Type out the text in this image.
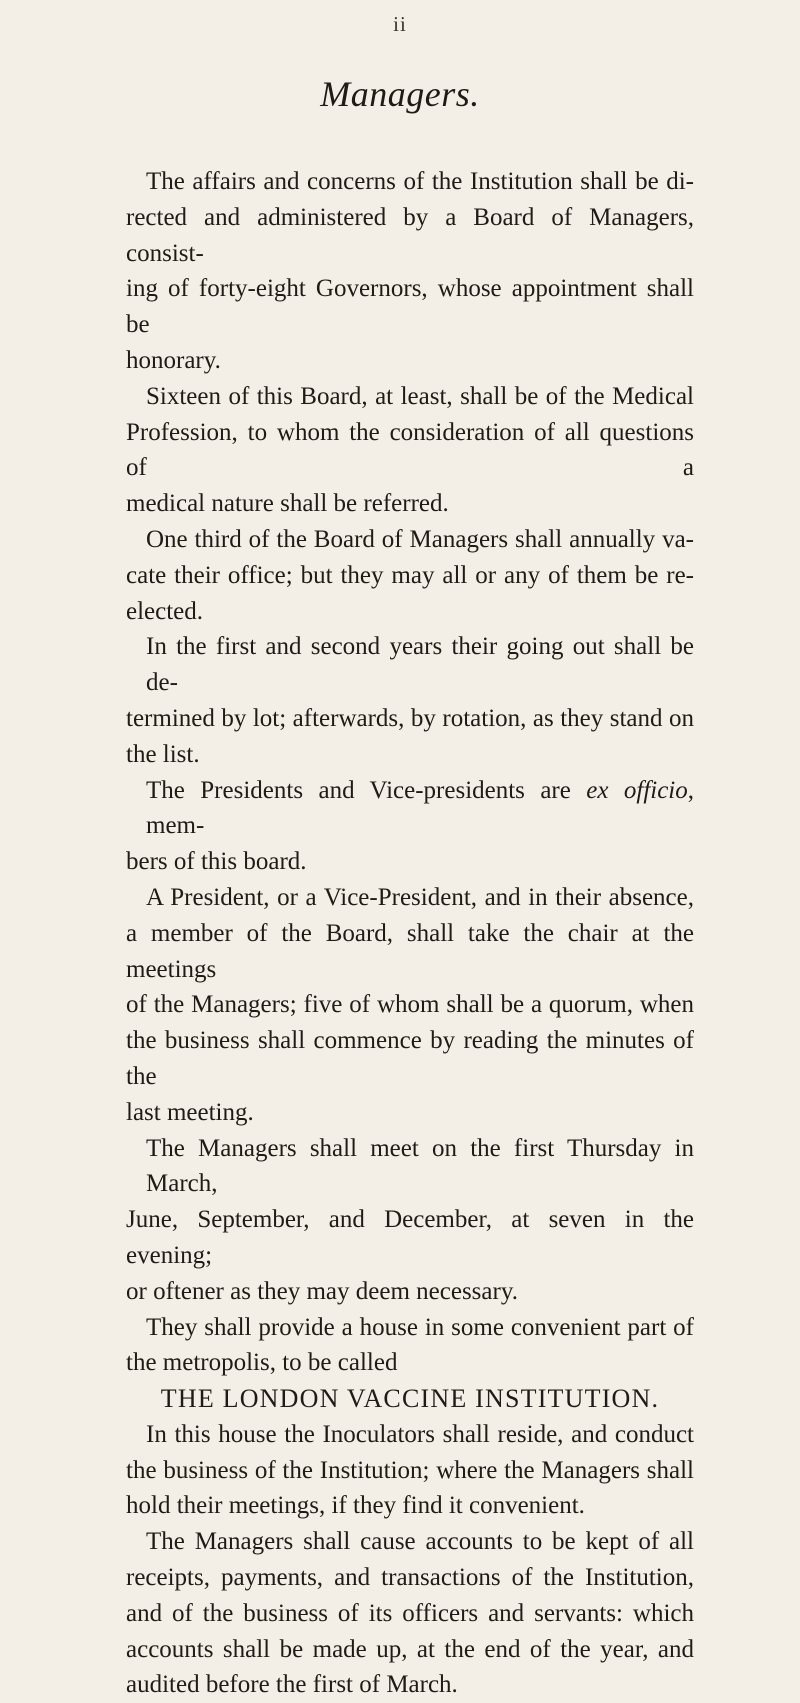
ii
Managers.
The affairs and concerns of the Institution shall be di-
rected and administered by a Board of Managers, consist-
ing of forty-eight Governors, whose appointment shall be
honorary.
Sixteen of this Board, at least, shall be of the Medical
Profession, to whom the consideration of all questions of a
medical nature shall be referred.
One third of the Board of Managers shall annually va-
cate their office; but they may all or any of them be re-
elected.
In the first and second years their going out shall be de-
termined by lot; afterwards, by rotation, as they stand on
the list.
The Presidents and Vice-presidents are ex officio, mem-
bers of this board.
A President, or a Vice-President, and in their absence,
a member of the Board, shall take the chair at the meetings
of the Managers; five of whom shall be a quorum, when
the business shall commence by reading the minutes of the
last meeting.
The Managers shall meet on the first Thursday in March,
June, September, and December, at seven in the evening;
or oftener as they may deem necessary.
They shall provide a house in some convenient part of
the metropolis, to be called
THE LONDON VACCINE INSTITUTION.
In this house the Inoculators shall reside, and conduct
the business of the Institution; where the Managers shall
hold their meetings, if they find it convenient.
The Managers shall cause accounts to be kept of all
receipts, payments, and transactions of the Institution,
and of the business of its officers and servants: which
accounts shall be made up, at the end of the year, and
audited before the first of March.
